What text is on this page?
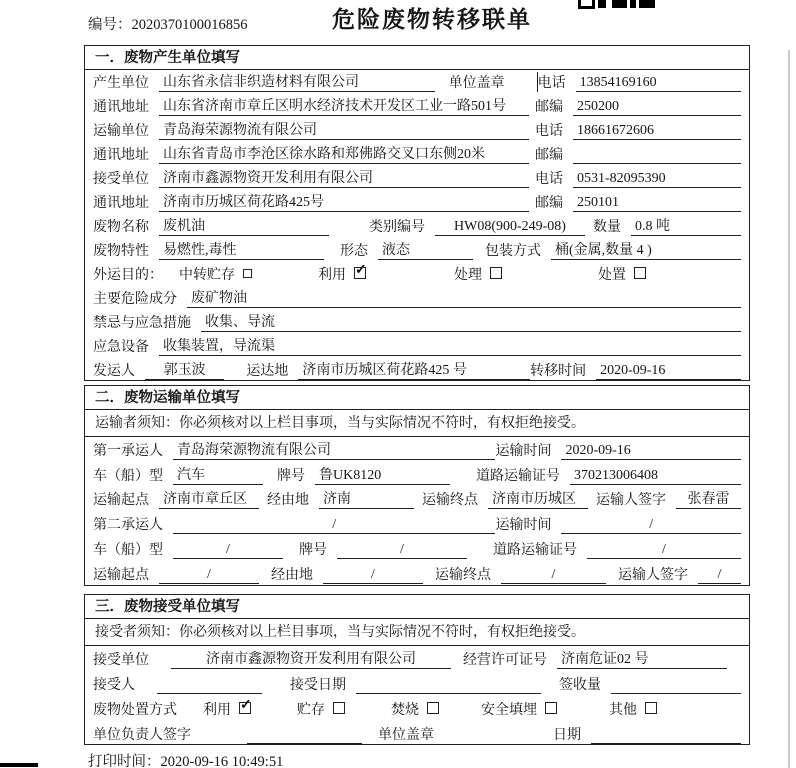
编号：2020370100016856	危险废物转移联单
一．废物产生单位填写
产生单位 山东省永信非织造材料有限公司	单位盖章 电话 13854169160
通讯地址 山东省济南市章丘区明水经济技术开发区工业一路501号	邮编 250200
运输单位 青岛海荣源物流有限公司	电话 18661672606
通讯地址 山东省青岛市李沧区徐水路和郑佛路交叉口东侧20米	邮编
接受单位 济南市鑫源物资开发利用有限公司	电话 0531-82095390
通讯地址 济南市历城区荷花路425号	邮编 250101
废物名称 废机油	类别编号	HW08(900-249-08)	数量 0.8 吨
废物特性 易燃性,毒性	形态 液态	包装方式 桶(金属,数量 4 )
外运目的： 中转贮存	利用 ✓	处理	处置
主要危险成分 废矿物油
禁忌与应急措施 收集、导流
应急设备 收集装置，导流渠
发运人	郭玉波	运达地 济南市历城区荷花路425 号	转移时间 2020-09-16
二．废物运输单位填写
运输者须知：你必须核对以上栏目事项，当与实际情况不符时，有权拒绝接受。
第一承运人 青岛海荣源物流有限公司	运输时间 2020-09-16
车（船）型 汽车	牌号 鲁UK8120	道路运输证号 370213006408
运输起点 济南市章丘区	经由地 济南	运输终点 济南市历城区	运输人签字	张春雷
第二承运人	/	运输时间	/
车（船）型	/	牌号	/	道路运输证号	/
运输起点	/	经由地	/	运输终点	/	运输人签字	/
三．废物接受单位填写
接受者须知：你必须核对以上栏目事项，当与实际情况不符时，有权拒绝接受。
接受单位	济南市鑫源物资开发利用有限公司	经营许可证号 济南危证02 号
接受人	接受日期	签收量
废物处置方式 利用 ✓	贮存	焚烧	安全填埋	其他
单位负责人签字	单位盖章	日期
打印时间：2020-09-16 10:49:51
